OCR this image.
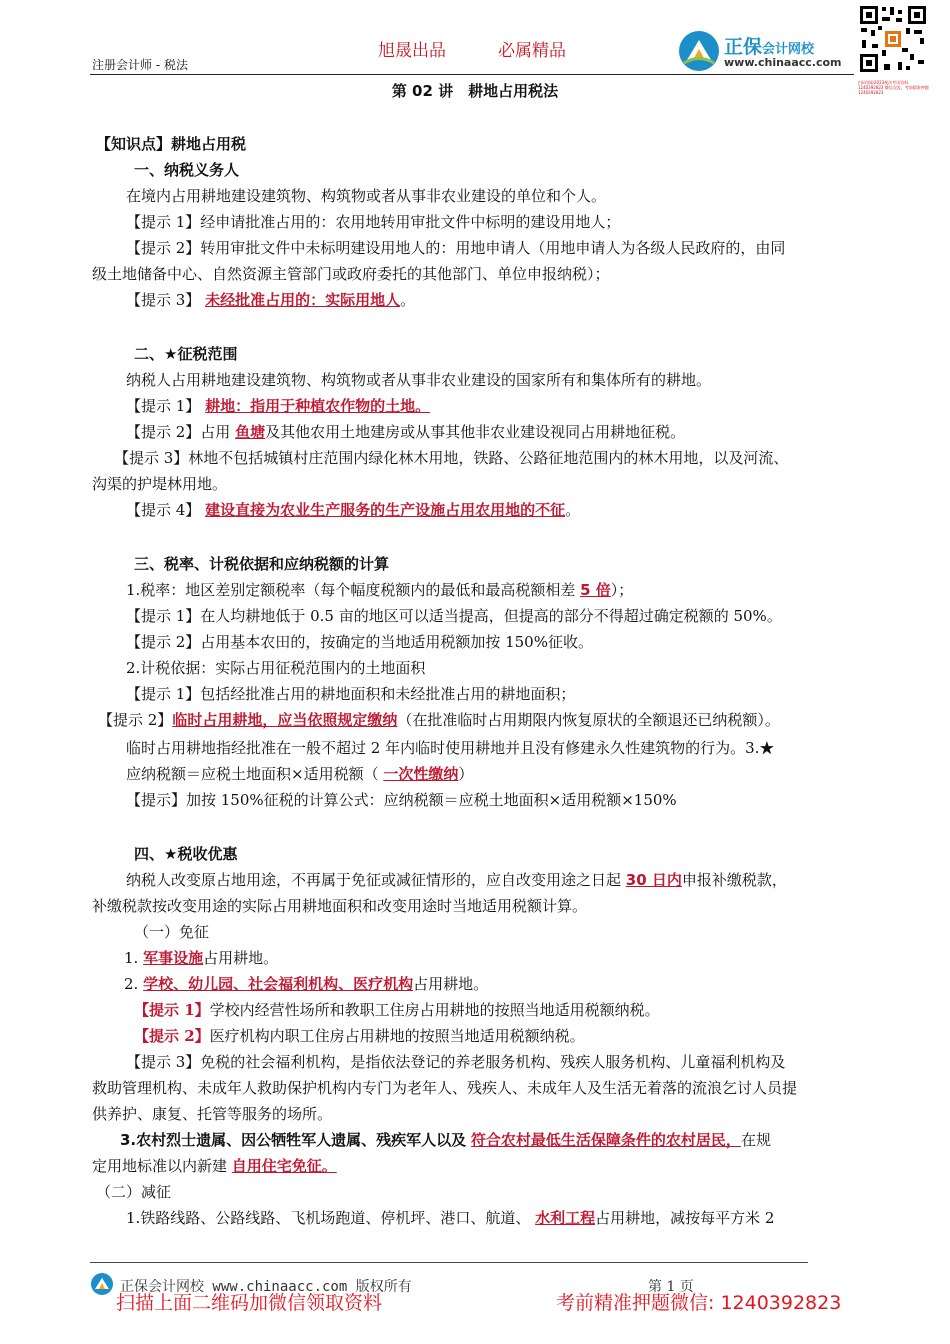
旭晟出品	必属精品
注册会计师 - 税法
正保会计网校
www.chinaacc.com
扫码领取2023税法考试资料、1240392823 微信交流，考前精准押题 1240392823
第 02 讲　耕地占用税法
【知识点】耕地占用税
一、纳税义务人
在境内占用耕地建设建筑物、构筑物或者从事非农业建设的单位和个人。
【提示 1】经申请批准占用的：农用地转用审批文件中标明的建设用地人；
【提示 2】转用审批文件中未标明建设用地人的：用地申请人（用地申请人为各级人民政府的，由同
级土地储备中心、自然资源主管部门或政府委托的其他部门、单位申报纳税）；
【提示 3】 未经批准占用的：实际用地人。
二、★征税范围
纳税人占用耕地建设建筑物、构筑物或者从事非农业建设的国家所有和集体所有的耕地。
【提示 1】 耕地：指用于种植农作物的土地。
【提示 2】占用 鱼塘及其他农用土地建房或从事其他非农业建设视同占用耕地征税。
【提示 3】林地不包括城镇村庄范围内绿化林木用地，铁路、公路征地范围内的林木用地，以及河流、
沟渠的护堤林用地。
【提示 4】 建设直接为农业生产服务的生产设施占用农用地的不征。
三、税率、计税依据和应纳税额的计算
1.税率：地区差别定额税率（每个幅度税额内的最低和最高税额相差 5 倍）；
【提示 1】在人均耕地低于 0.5 亩的地区可以适当提高，但提高的部分不得超过确定税额的 50%。
【提示 2】占用基本农田的，按确定的当地适用税额加按 150%征收。
2.计税依据：实际占用征税范围内的土地面积
【提示 1】包括经批准占用的耕地面积和未经批准占用的耕地面积；
【提示 2】临时占用耕地，应当依照规定缴纳（在批准临时占用期限内恢复原状的全额退还已纳税额）。
临时占用耕地指经批准在一般不超过 2 年内临时使用耕地并且没有修建永久性建筑物的行为。3.★
应纳税额＝应税土地面积×适用税额（ 一次性缴纳）
【提示】加按 150%征税的计算公式：应纳税额＝应税土地面积×适用税额×150%
四、★税收优惠
纳税人改变原占地用途，不再属于免征或减征情形的，应自改变用途之日起 30 日内申报补缴税款，
补缴税款按改变用途的实际占用耕地面积和改变用途时当地适用税额计算。
（一）免征
1. 军事设施占用耕地。
2. 学校、幼儿园、社会福利机构、医疗机构占用耕地。
【提示 1】学校内经营性场所和教职工住房占用耕地的按照当地适用税额纳税。
【提示 2】医疗机构内职工住房占用耕地的按照当地适用税额纳税。
【提示 3】免税的社会福利机构，是指依法登记的养老服务机构、残疾人服务机构、儿童福利机构及
救助管理机构、未成年人救助保护机构内专门为老年人、残疾人、未成年人及生活无着落的流浪乞讨人员提
供养护、康复、托管等服务的场所。
3.农村烈士遗属、因公牺牲军人遗属、残疾军人以及 符合农村最低生活保障条件的农村居民，在规
定用地标准以内新建 自用住宅免征。
（二）减征
1.铁路线路、公路线路、飞机场跑道、停机坪、港口、航道、 水利工程占用耕地，减按每平方米 2
正保会计网校 www.chinaacc.com 版权所有	第 1 页
扫描上面二维码加微信领取资料	考前精准押题微信: 1240392823
